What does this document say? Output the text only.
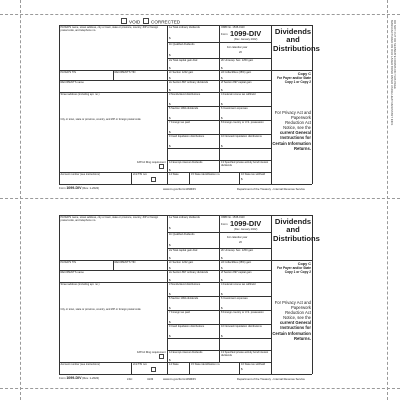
DO NOT CUT OR SEPARATE FORMS ON THIS PAGE
MANUFACTURED ON OUR LASER BOND PAPER USING HEAT RESISTANT INKS
VOID	CORRECTED
PAYER'S name, street address, city or town, state or province, country, ZIP or foreign postal code, and telephone no.
PAYER'S TIN	RECIPIENT'S TIN
RECIPIENT'S name
Street address (including apt. no.)
City or town, state or province, country, and ZIP or foreign postal code
Account number (see instructions)
FATCA filing requirement
2nd TIN not.
1a Total ordinary dividends
$
1b Qualified dividends
$
2a Total capital gain distr.
$
2c Section 1202 gain
$
2e Section 897 ordinary dividends
$
3 Nondividend distributions
$
5 Section 199A dividends
$
7 Foreign tax paid
$
9 Cash liquidation distributions
$
12 Exempt-interest dividends
$
14 State
OMB No. 1545-0110
Form 1099-DIV
(Rev. January 2022)
For calendar year
20
2b Unrecap. Sec. 1250 gain
$
2d Collectibles (28%) gain
$
2f Section 897 capital gain
$
4 Federal income tax withheld
$
6 Investment expenses
$
8 Foreign country or U.S. possession
10 Noncash liquidation distributions
$
13 Specified private activity bond interest dividends
15 State identification no.	16 State tax withheld
$
Dividends and Distributions
Copy C
For Payer and/or State Copy 1 or Copy 2
For Privacy Act and Paperwork Reduction Act Notice, see the current General Instructions for Certain Information Returns.
Form 1099-DIV (Rev. 1-2022)	www.irs.gov/Form1099DIV	Department of the Treasury - Internal Revenue Service
PAYER'S name, street address, city or town, state or province, country, ZIP or foreign postal code, and telephone no.
PAYER'S TIN	RECIPIENT'S TIN
RECIPIENT'S name
Street address (including apt. no.)
City or town, state or province, country, and ZIP or foreign postal code
Account number (see instructions)
FATCA filing requirement
2nd TIN not.
1a Total ordinary dividends
$
1b Qualified dividends
$
2a Total capital gain distr.
$
2c Section 1202 gain
$
2e Section 897 ordinary dividends
$
3 Nondividend distributions
$
5 Section 199A dividends
$
7 Foreign tax paid
$
9 Cash liquidation distributions
$
12 Exempt-interest dividends
$
14 State
OMB No. 1545-0110
Form 1099-DIV
(Rev. January 2022)
For calendar year
20
2b Unrecap. Sec. 1250 gain
$
2d Collectibles (28%) gain
$
2f Section 897 capital gain
$
4 Federal income tax withheld
$
6 Investment expenses
$
8 Foreign country or U.S. possession
10 Noncash liquidation distributions
$
13 Specified private activity bond interest dividends
15 State identification no.	16 State tax withheld
$
Dividends and Distributions
Copy C
For Payer and/or State Copy 1 or Copy 2
For Privacy Act and Paperwork Reduction Act Notice, see the current General Instructions for Certain Information Returns.
Form 1099-DIV (Rev. 1-2022)	LSC	4133	www.irs.gov/Form1099DIV	Department of the Treasury - Internal Revenue Service
